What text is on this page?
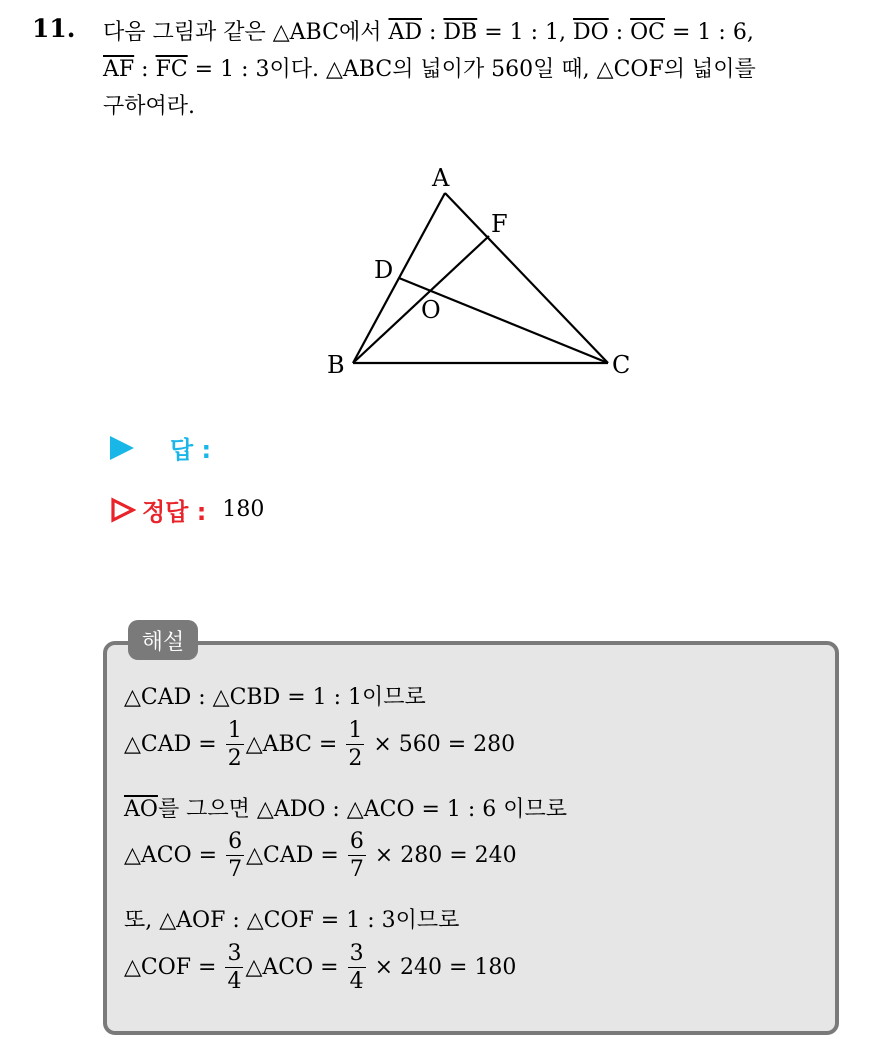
11. 다음 그림과 같은 △ABC에서 $\overline{AD}$ : $\overline{DB} = 1$ : 1, $\overline{DO}$ : $\overline{OC} = 1$ : 6,
$\overline{AF}$ : $\overline{FC} = 1$ : 3이다. △ABC의 넓이가 560일 때, △COF의 넓이를
구하여라.
A
F
D
O
B	C
답 :
정답 : 180
해설
△CAD : △CBD = 1 : 1이므로
△CAD = $\frac{1}{2}$ △ABC = $\frac{1}{2} \times 560 = 280$
$\overline{AO}$를 그으면 △ADO : △ACO = 1 : 6 이므로
△ACO = $\frac{6}{7}$ △CAD = $\frac{6}{7} \times 280 = 240$
또, △AOF : △COF = 1 : 3이므로
△COF = $\frac{3}{4}$ △ACO = $\frac{3}{4} \times 240 = 180$
